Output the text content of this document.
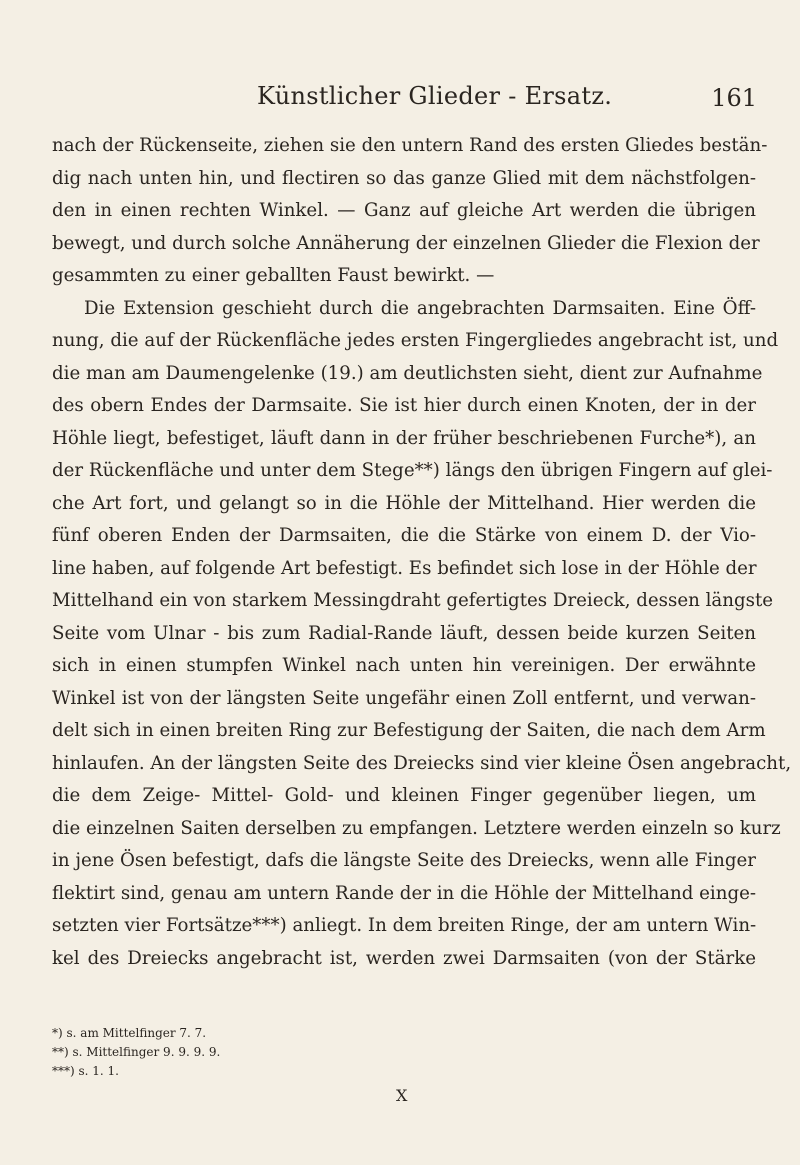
Künstlicher Glieder - Ersatz.	161
nach der Rückenseite, ziehen sie den untern Rand des ersten Gliedes bestän-
dig nach unten hin, und flectiren so das ganze Glied mit dem nächstfolgen-
den in einen rechten Winkel. — Ganz auf gleiche Art werden die übrigen
bewegt, und durch solche Annäherung der einzelnen Glieder die Flexion der
gesammten zu einer geballten Faust bewirkt. —
Die Extension geschieht durch die angebrachten Darmsaiten. Eine Öff-
nung, die auf der Rückenfläche jedes ersten Fingergliedes angebracht ist, und
die man am Daumengelenke (19.) am deutlichsten sieht, dient zur Aufnahme
des obern Endes der Darmsaite. Sie ist hier durch einen Knoten, der in der
Höhle liegt, befestiget, läuft dann in der früher beschriebenen Furche*), an
der Rückenfläche und unter dem Stege**) längs den übrigen Fingern auf glei-
che Art fort, und gelangt so in die Höhle der Mittelhand. Hier werden die
fünf oberen Enden der Darmsaiten, die die Stärke von einem D. der Vio-
line haben, auf folgende Art befestigt. Es befindet sich lose in der Höhle der
Mittelhand ein von starkem Messingdraht gefertigtes Dreieck, dessen längste
Seite vom Ulnar - bis zum Radial-Rande läuft, dessen beide kurzen Seiten
sich in einen stumpfen Winkel nach unten hin vereinigen. Der erwähnte
Winkel ist von der längsten Seite ungefähr einen Zoll entfernt, und verwan-
delt sich in einen breiten Ring zur Befestigung der Saiten, die nach dem Arm
hinlaufen. An der längsten Seite des Dreiecks sind vier kleine Ösen angebracht,
die dem Zeige- Mittel- Gold- und kleinen Finger gegenüber liegen, um
die einzelnen Saiten derselben zu empfangen. Letztere werden einzeln so kurz
in jene Ösen befestigt, dafs die längste Seite des Dreiecks, wenn alle Finger
flektirt sind, genau am untern Rande der in die Höhle der Mittelhand einge-
setzten vier Fortsätze***) anliegt. In dem breiten Ringe, der am untern Win-
kel des Dreiecks angebracht ist, werden zwei Darmsaiten (von der Stärke
*) s. am Mittelfinger 7. 7.
**) s. Mittelfinger 9. 9. 9. 9.
***) s. 1. 1.
X
